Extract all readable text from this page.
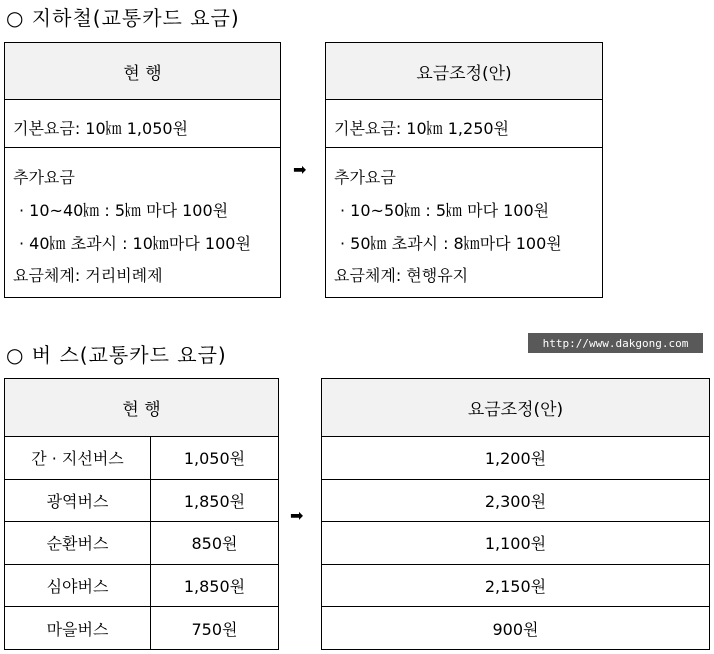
○ 지하철(교통카드 요금)
현 행
기본요금: 10㎞ 1,050원
추가요금
· 10~40㎞ : 5㎞ 마다 100원
· 40㎞ 초과시 : 10㎞마다 100원
요금체계: 거리비례제
➡
요금조정(안)
기본요금: 10㎞ 1,250원
추가요금
· 10~50㎞ : 5㎞ 마다 100원
· 50㎞ 초과시 : 8㎞마다 100원
요금체계: 현행유지
○ 버 스(교통카드 요금)	http://www.dakgong.com
현 행	
간 · 지선버스	1,050원
광역버스	1,850원
순환버스	850원
심야버스	1,850원
마을버스	750원
➡
요금조정(안)
1,200원
2,300원
1,100원
2,150원
900원
